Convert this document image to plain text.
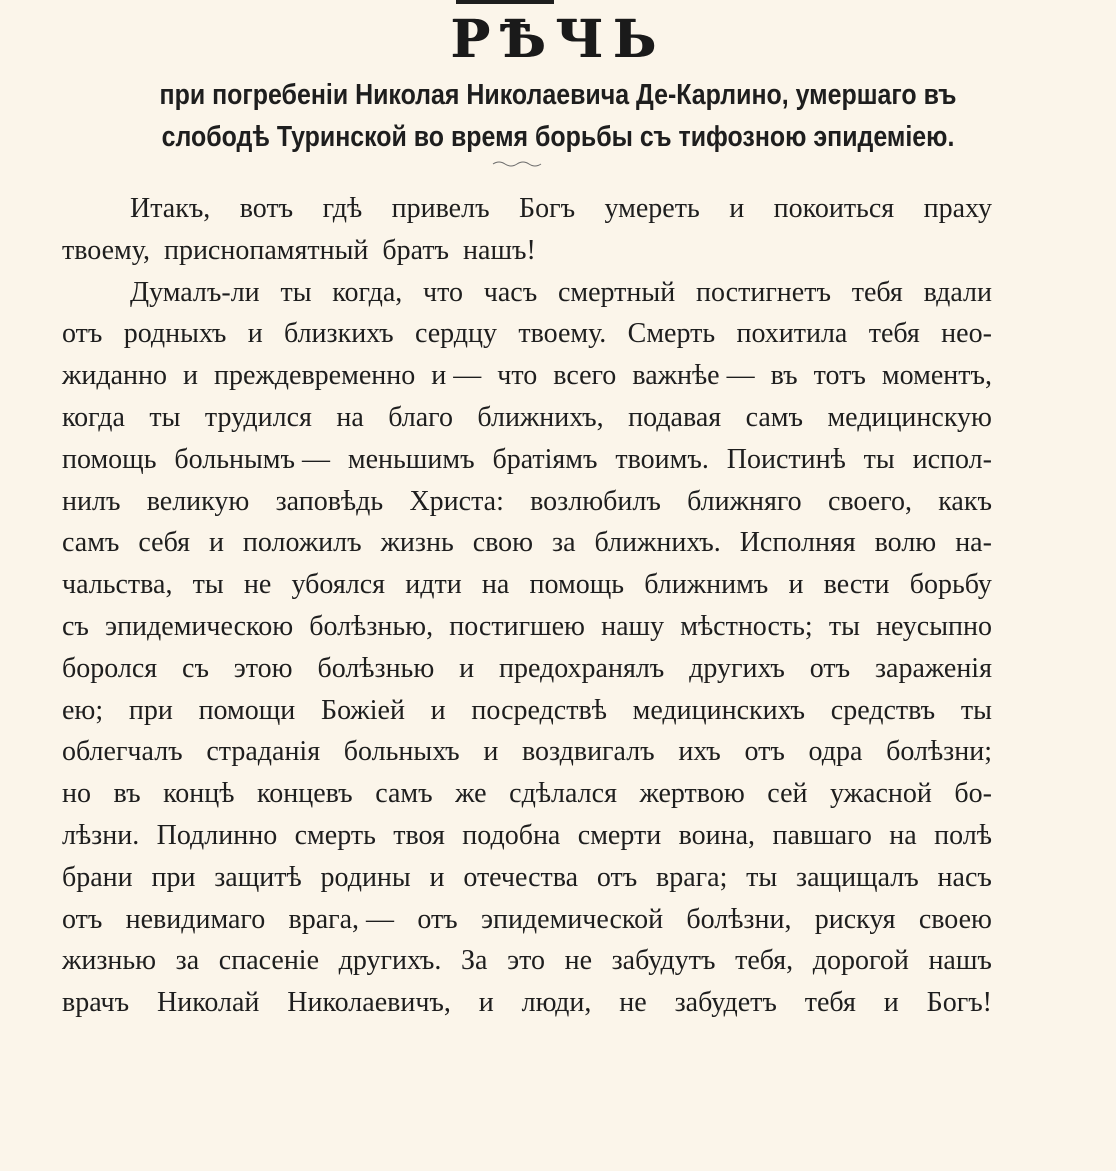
РѢЧЬ
при погребенiи Николая Николаевича Де-Карлино, умершаго въ
слободѣ Туринской во время борьбы съ тифозною эпидемiею.
Итакъ, вотъ гдѣ привелъ Богъ умереть и покоиться праху
твоему, приснопамятный братъ нашъ!
Думалъ-ли ты когда, что часъ смертный постигнетъ тебя вдали
отъ родныхъ и близкихъ сердцу твоему. Смерть похитила тебя нео-
жиданно и преждевременно и — что всего важнѣе — въ тотъ моментъ,
когда ты трудился на благо ближнихъ, подавая самъ медицинскую
помощь больнымъ — меньшимъ братiямъ твоимъ. Поистинѣ ты испол-
нилъ великую заповѣдь Христа: возлюбилъ ближняго своего, какъ
самъ себя и положилъ жизнь свою за ближнихъ. Исполняя волю на-
чальства, ты не убоялся идти на помощь ближнимъ и вести борьбу
съ эпидемическою болѣзнью, постигшею нашу мѣстность; ты неусыпно
боролся съ этою болѣзнью и предохранялъ другихъ отъ зараженiя
ею; при помощи Божiей и посредствѣ медицинскихъ средствъ ты
облегчалъ страданiя больныхъ и воздвигалъ ихъ отъ одра болѣзни;
но въ концѣ концевъ самъ же сдѣлался жертвою сей ужасной бо-
лѣзни. Подлинно смерть твоя подобна смерти воина, павшаго на полѣ
брани при защитѣ родины и отечества отъ врага; ты защищалъ насъ
отъ невидимаго врага, — отъ эпидемической болѣзни, рискуя своею
жизнью за спасенiе другихъ. За это не забудутъ тебя, дорогой нашъ
врачъ Николай Николаевичъ, и люди, не забудетъ тебя и Богъ!
